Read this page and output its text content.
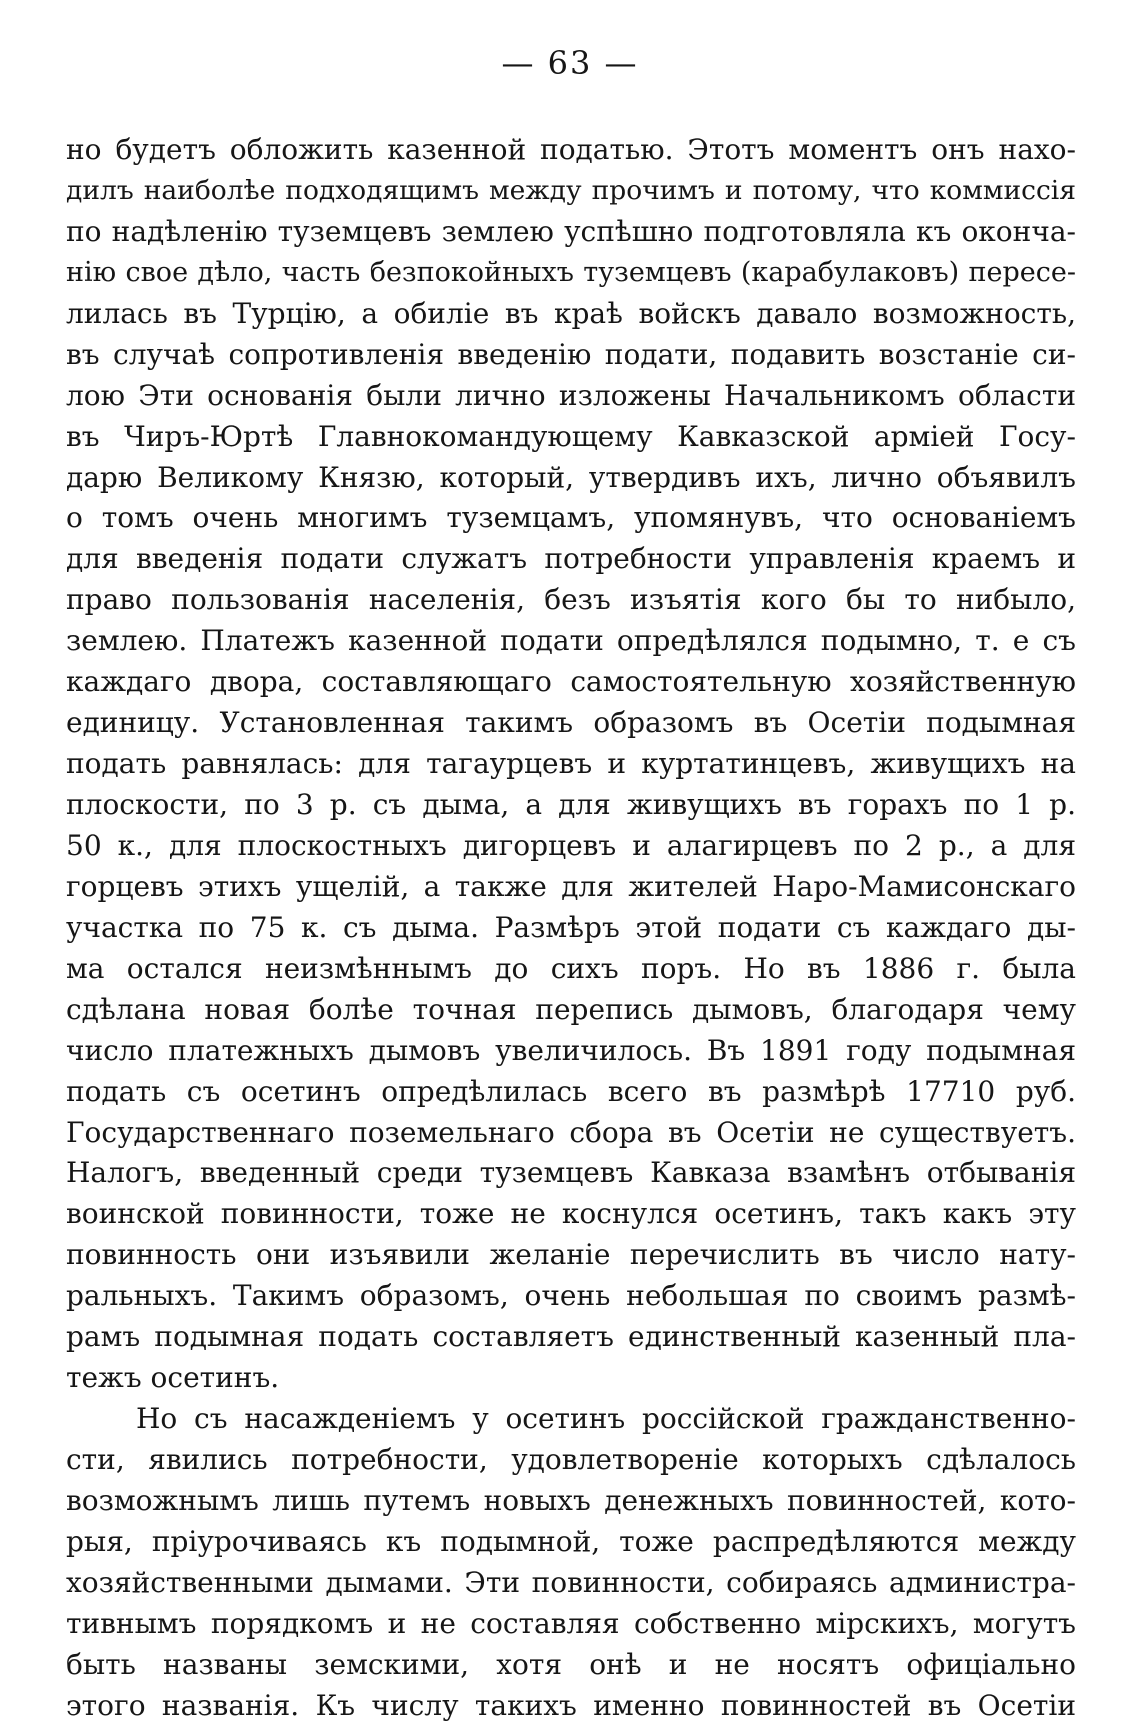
— 63 —

но будетъ обложить казенной податью. Этотъ моментъ онъ нахо-
дилъ наиболѣе подходящимъ между прочимъ и потому, что коммиссія
по надѣленію туземцевъ землею успѣшно подготовляла къ оконча-
нію свое дѣло, часть безпокойныхъ туземцевъ (карабулаковъ) пересе-
лилась въ Турцію, а обиліе въ краѣ войскъ давало возможность,
въ случаѣ сопротивленія введенію подати, подавить возстаніе си-
лою Эти основанія были лично изложены Начальникомъ области
въ Чиръ-Юртѣ Главнокомандующему Кавказской арміей Госу-
дарю Великому Князю, который, утвердивъ ихъ, лично объявилъ
о томъ очень многимъ туземцамъ, упомянувъ, что основаніемъ
для введенія подати служатъ потребности управленія краемъ и
право пользованія населенія, безъ изъятія кого бы то нибыло,
землею. Платежъ казенной подати опредѣлялся подымно, т. е съ
каждаго двора, составляющаго самостоятельную хозяйственную
единицу. Установленная такимъ образомъ въ Осетіи подымная
подать равнялась: для тагаурцевъ и куртатинцевъ, живущихъ на
плоскости, по 3 р. съ дыма, а для живущихъ въ горахъ по 1 р.
50 к., для плоскостныхъ дигорцевъ и алагирцевъ по 2 р., а для
горцевъ этихъ ущелій, а также для жителей Наро-Мамисонскаго
участка по 75 к. съ дыма. Размѣръ этой подати съ каждаго ды-
ма остался неизмѣннымъ до сихъ поръ. Но въ 1886 г. была
сдѣлана новая болѣе точная перепись дымовъ, благодаря чему
число платежныхъ дымовъ увеличилось. Въ 1891 году подымная
подать съ осетинъ опредѣлилась всего въ размѣрѣ 17710 руб.
Государственнаго поземельнаго сбора въ Осетіи не существуетъ.
Налогъ, введенный среди туземцевъ Кавказа взамѣнъ отбыванія
воинской повинности, тоже не коснулся осетинъ, такъ какъ эту
повинность они изъявили желаніе перечислить въ число нату-
ральныхъ. Такимъ образомъ, очень небольшая по своимъ размѣ-
рамъ подымная подать составляетъ единственный казенный пла-
тежъ осетинъ.
Но съ насажденіемъ у осетинъ россійской гражданственно-
сти, явились потребности, удовлетвореніе которыхъ сдѣлалось
возможнымъ лишь путемъ новыхъ денежныхъ повинностей, кото-
рыя, пріурочиваясь къ подымной, тоже распредѣляются между
хозяйственными дымами. Эти повинности, собираясь администра-
тивнымъ порядкомъ и не составляя собственно мірскихъ, могутъ
быть названы земскими, хотя онѣ и не носятъ офиціально
этого названія. Къ числу такихъ именно повинностей въ Осетіи
